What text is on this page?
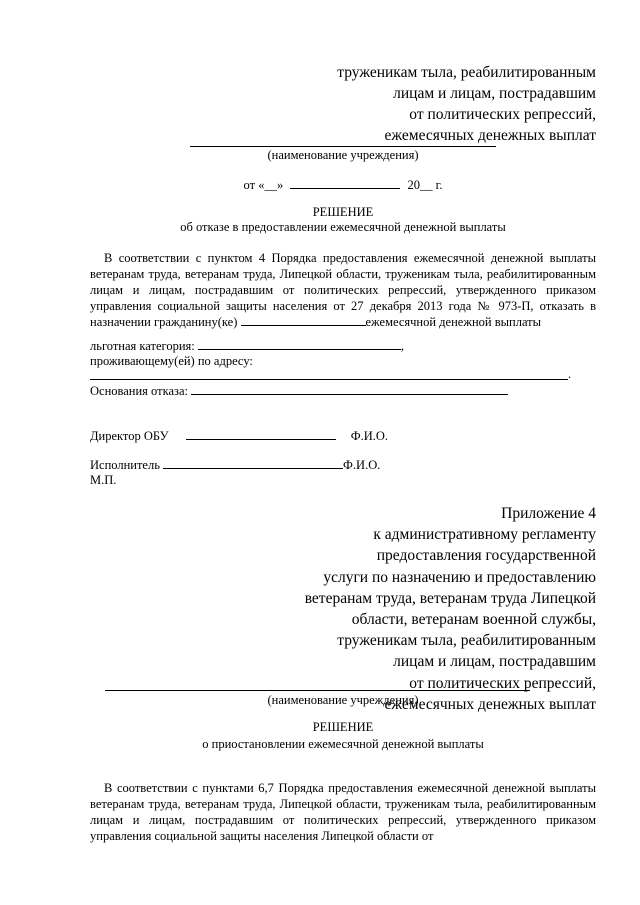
труженикам тыла, реабилитированным
лицам и лицам, пострадавшим
от политических репрессий,
ежемесячных денежных выплат
(наименование учреждения)
от «__»	20__ г.
РЕШЕНИЕ
об отказе в предоставлении ежемесячной денежной выплаты
В соответствии с пунктом 4 Порядка предоставления ежемесячной денежной выплаты ветеранам труда, ветеранам труда, Липецкой области, труженикам тыла, реабилитированным лицам и лицам, пострадавшим от политических репрессий, утвержденного приказом управления социальной защиты населения от 27 декабря 2013 года № 973-П, отказать в назначении гражданину(ке)	ежемесячной денежной выплаты
льготная категория:	,
проживающему(ей) по адресу:
.
Основания отказа:
Директор ОБУ	Ф.И.О.
Исполнитель	Ф.И.О.
М.П.
Приложение 4
к административному регламенту
предоставления государственной
услуги по назначению и предоставлению
ветеранам труда, ветеранам труда Липецкой
области, ветеранам военной службы,
труженикам тыла, реабилитированным
лицам и лицам, пострадавшим
от политических репрессий,
ежемесячных денежных выплат
(наименование учреждения)
РЕШЕНИЕ
о приостановлении ежемесячной денежной выплаты
В соответствии с пунктами 6,7 Порядка предоставления ежемесячной денежной выплаты ветеранам труда, ветеранам труда, Липецкой области, труженикам тыла, реабилитированным лицам и лицам, пострадавшим от политических репрессий, утвержденного приказом управления социальной защиты населения Липецкой области от
